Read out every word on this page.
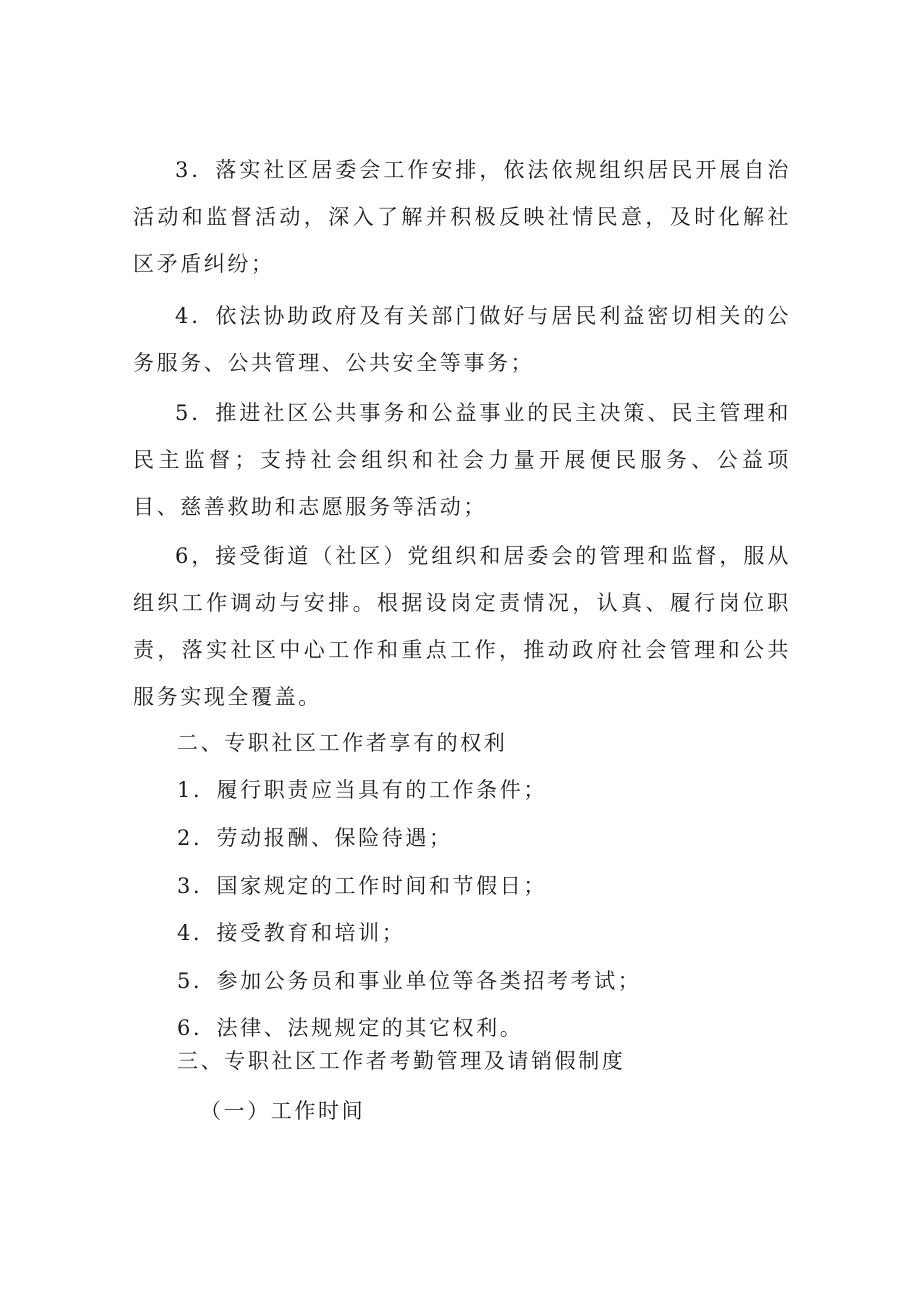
3．落实社区居委会工作安排，依法依规组织居民开展自治活动和监督活动，深入了解并积极反映社情民意，及时化解社区矛盾纠纷；

4．依法协助政府及有关部门做好与居民利益密切相关的公务服务、公共管理、公共安全等事务；

5．推进社区公共事务和公益事业的民主决策、民主管理和民主监督；支持社会组织和社会力量开展便民服务、公益项目、慈善救助和志愿服务等活动；

6，接受街道（社区）党组织和居委会的管理和监督，服从组织工作调动与安排。根据设岗定责情况，认真、履行岗位职责，落实社区中心工作和重点工作，推动政府社会管理和公共服务实现全覆盖。

二、专职社区工作者享有的权利

1．履行职责应当具有的工作条件；

2．劳动报酬、保险待遇；

3．国家规定的工作时间和节假日；

4．接受教育和培训；

5．参加公务员和事业单位等各类招考考试；

6．法律、法规规定的其它权利。

三、专职社区工作者考勤管理及请销假制度

（一）工作时间
